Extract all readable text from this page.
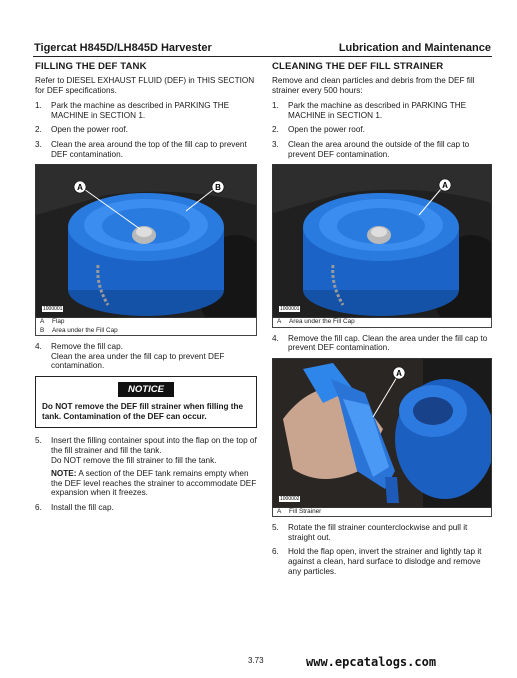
Tigercat H845D/LH845D Harvester	Lubrication and Maintenance
FILLING THE DEF TANK
Refer to DIESEL EXHAUST FLUID (DEF) in THIS SECTION for DEF specifications.
1. Park the machine as described in PARKING THE MACHINE in SECTION 1.
2. Open the power roof.
3. Clean the area around the top of the fill cap to prevent DEF contamination.
A	B
1000001
A Flap
B Area under the Fill Cap
4. Remove the fill cap.
Clean the area under the fill cap to prevent DEF contamination.
NOTICE
Do NOT remove the DEF fill strainer when filling the tank. Contamination of the DEF can occur.
5. Insert the filling container spout into the flap on the top of the fill strainer and fill the tank.
Do NOT remove the fill strainer to fill the tank.
NOTE: A section of the DEF tank remains empty when the DEF level reaches the strainer to accommodate DEF expansion when it freezes.
6. Install the fill cap.
CLEANING THE DEF FILL STRAINER
Remove and clean particles and debris from the DEF fill strainer every 500 hours:
1. Park the machine as described in PARKING THE MACHINE in SECTION 1.
2. Open the power roof.
3. Clean the area around the outside of the fill cap to prevent DEF contamination.
A
1000001
A Area under the Fill Cap
4. Remove the fill cap. Clean the area under the fill cap to prevent DEF contamination.
A
1000002
A Fill Strainer
5. Rotate the fill strainer counterclockwise and pull it straight out.
6. Hold the flap open, invert the strainer and lightly tap it against a clean, hard surface to dislodge and remove any particles.
3.73	www.epcatalogs.com
